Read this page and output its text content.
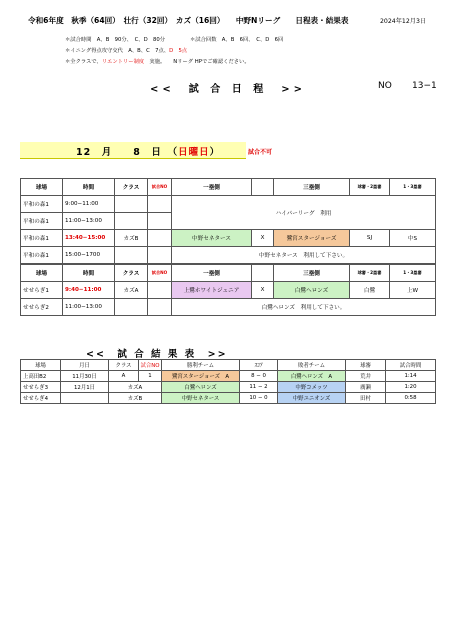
令和6年度　秋季（64回）　壮行（32回）　カズ（16回）　　中野Nリーグ　　日程表・結果表	2024年12月3日
＊試合時間　A、B　90分、　C、D　80分	＊試合回数　A、B　6回、　C、D　6回
＊イニング得点攻守交代　A、B、C　7点、D　5点
＊全クラスで、リエントリー制度　実施。　　Nリーグ HPでご確認ください。
<<　試 合 日 程　>>	NO 13−1
12　月　　8　日　（日曜日）	試合不可
球場	時間	クラス	試合NO	一塁側		三塁側	球審・2塁審	1・3塁審
平和の森1	9:00−11:00			ハイパーリーグ　利用				
平和の森1	11:00−13:00							
平和の森1	13:40−15:00	カズB		中野セネタース	X	鷺宮スタージョーズ	SJ	中S
平和の森1	15:00−1700			中野セネタース　利用して下さい。				
球場	時間	クラス	試合NO	一塁側		三塁側	球審・2塁審	1・3塁審
せせらぎ1	9:40−11:00	カズA		上鷺ホワイトジュニア	X	白鷺ヘロンズ	白鷺	上W
せせらぎ2	11:00−13:00			白鷺ヘロンズ　利用して下さい。				
<<　試 合 結 果 表　>>
球場	月日	クラス	試合NO	勝利チーム	ｽｺｱ	敗者チーム	球審	試合時間
上高田B2	11月30日	A	1	鷺宮スタージョーズ　A	8 − 0	白鷺ヘロンズ　A	荒井	1:14
せせらぎ3	12月1日	カズA		白鷺ヘロンズ	11 − 2	中野コメッツ	廣瀬	1:20
せせらぎ4		カズB		中野セネタース	10 − 0	中野ユニオンズ	田村	0:58
